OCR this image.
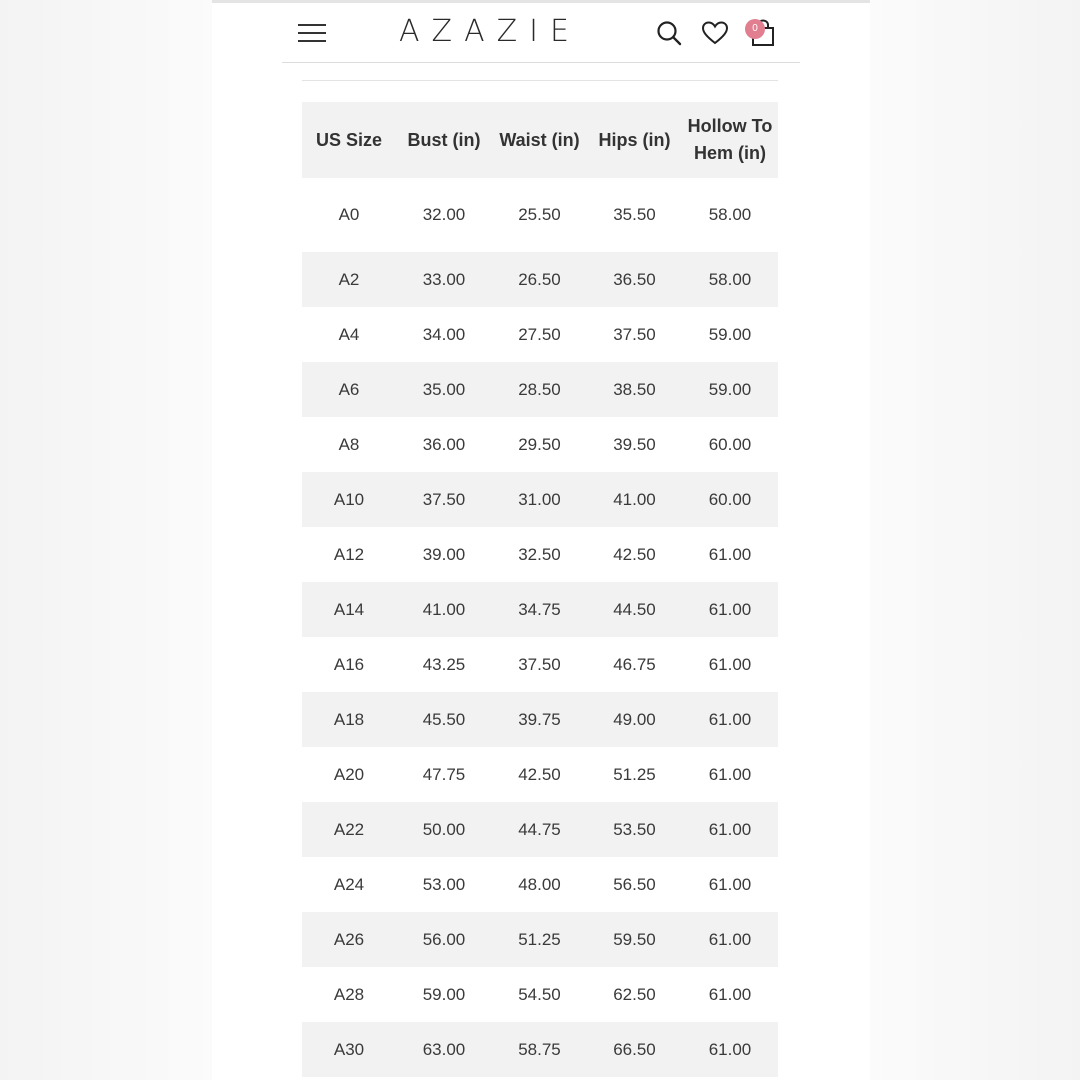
AZAZIE	0
US Size	Bust (in)	Waist (in)	Hips (in)	Hollow To Hem (in)
A0	32.00	25.50	35.50	58.00
A2	33.00	26.50	36.50	58.00
A4	34.00	27.50	37.50	59.00
A6	35.00	28.50	38.50	59.00
A8	36.00	29.50	39.50	60.00
A10	37.50	31.00	41.00	60.00
A12	39.00	32.50	42.50	61.00
A14	41.00	34.75	44.50	61.00
A16	43.25	37.50	46.75	61.00
A18	45.50	39.75	49.00	61.00
A20	47.75	42.50	51.25	61.00
A22	50.00	44.75	53.50	61.00
A24	53.00	48.00	56.50	61.00
A26	56.00	51.25	59.50	61.00
A28	59.00	54.50	62.50	61.00
A30	63.00	58.75	66.50	61.00
